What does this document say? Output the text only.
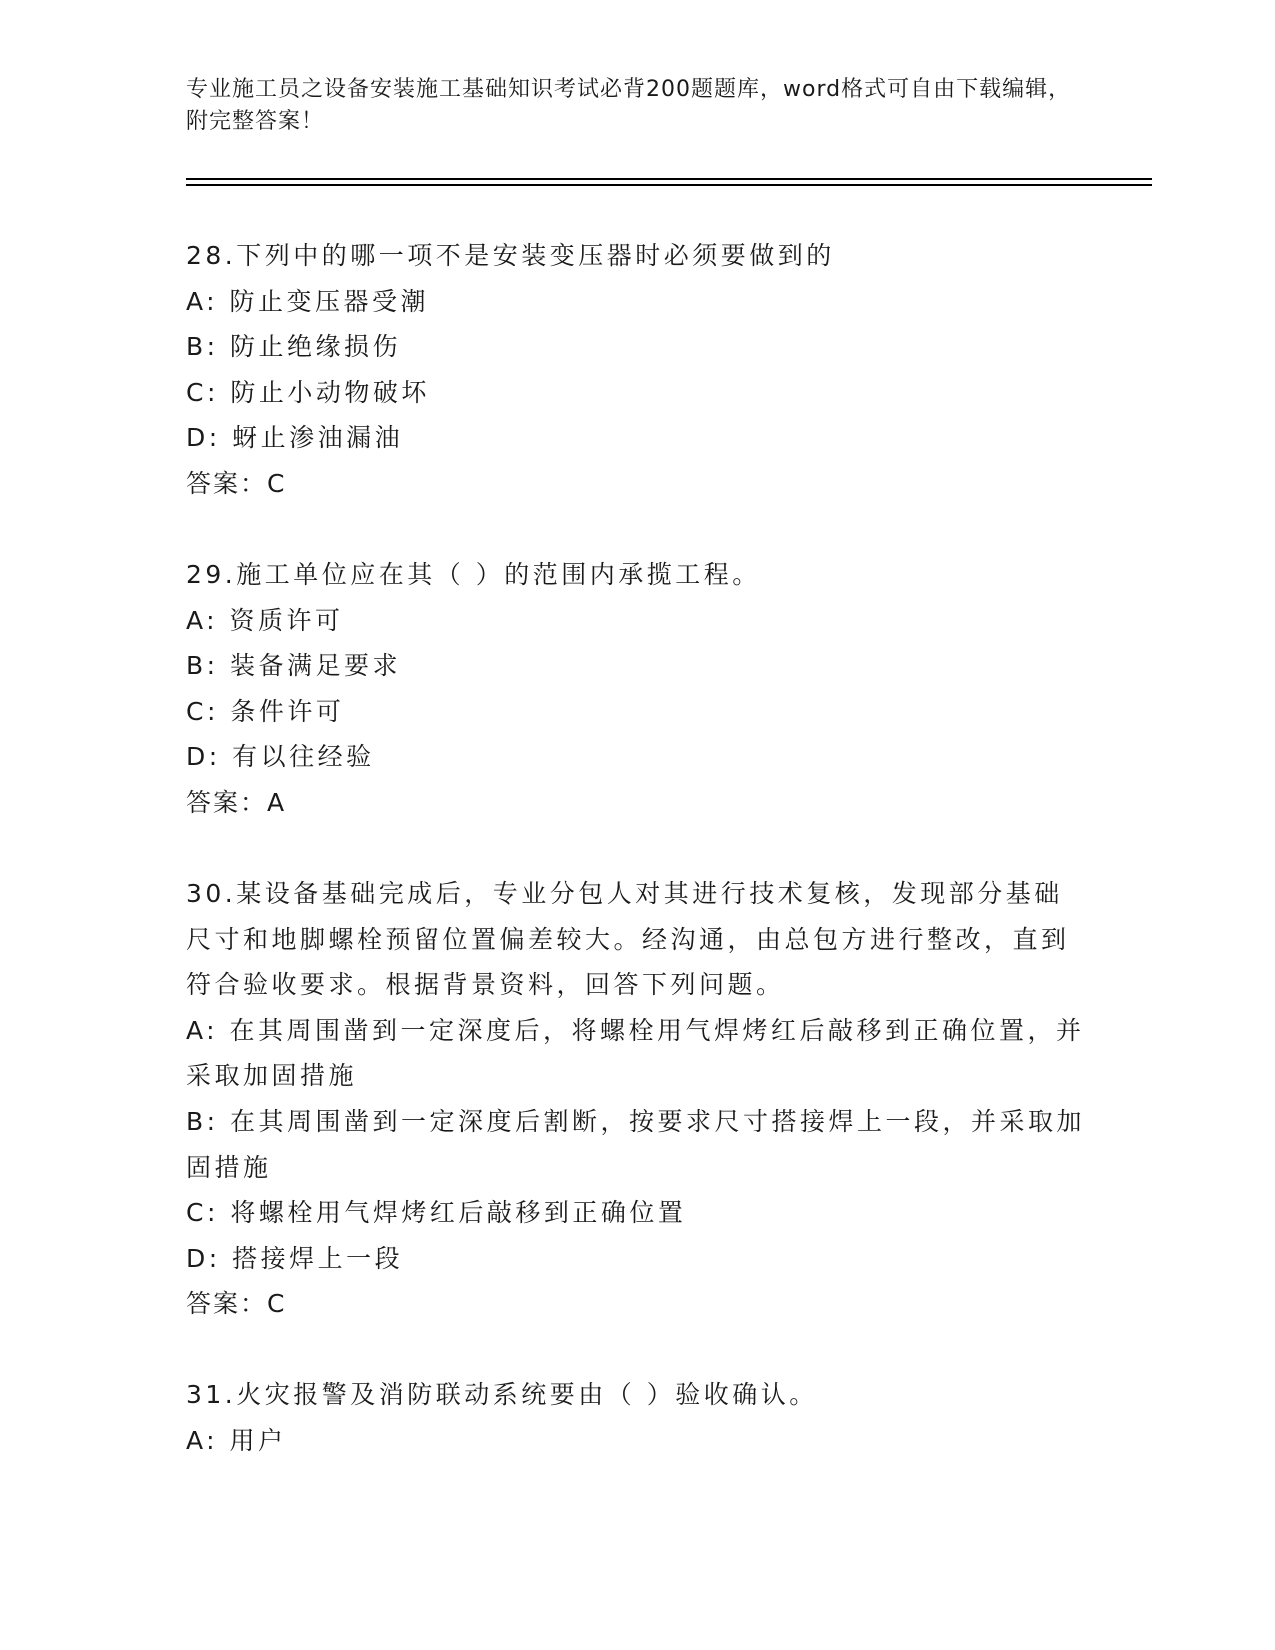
专业施工员之设备安装施工基础知识考试必背200题题库，word格式可自由下载编辑，附完整答案！

28.下列中的哪一项不是安装变压器时必须要做到的

A: 防止变压器受潮

B: 防止绝缘损伤

C: 防止小动物破坏

D: 蚜止渗油漏油

答案：C

29.施工单位应在其（ ）的范围内承揽工程。

A: 资质许可

B: 装备满足要求

C: 条件许可

D: 有以往经验

答案：A

30.某设备基础完成后，专业分包人对其进行技术复核，发现部分基础尺寸和地脚螺栓预留位置偏差较大。经沟通，由总包方进行整改，直到符合验收要求。根据背景资料，回答下列问题。

A: 在其周围凿到一定深度后，将螺栓用气焊烤红后敲移到正确位置，并采取加固措施

B: 在其周围凿到一定深度后割断，按要求尺寸搭接焊上一段，并采取加固措施

C: 将螺栓用气焊烤红后敲移到正确位置

D: 搭接焊上一段

答案：C

31.火灾报警及消防联动系统要由（ ）验收确认。

A: 用户
